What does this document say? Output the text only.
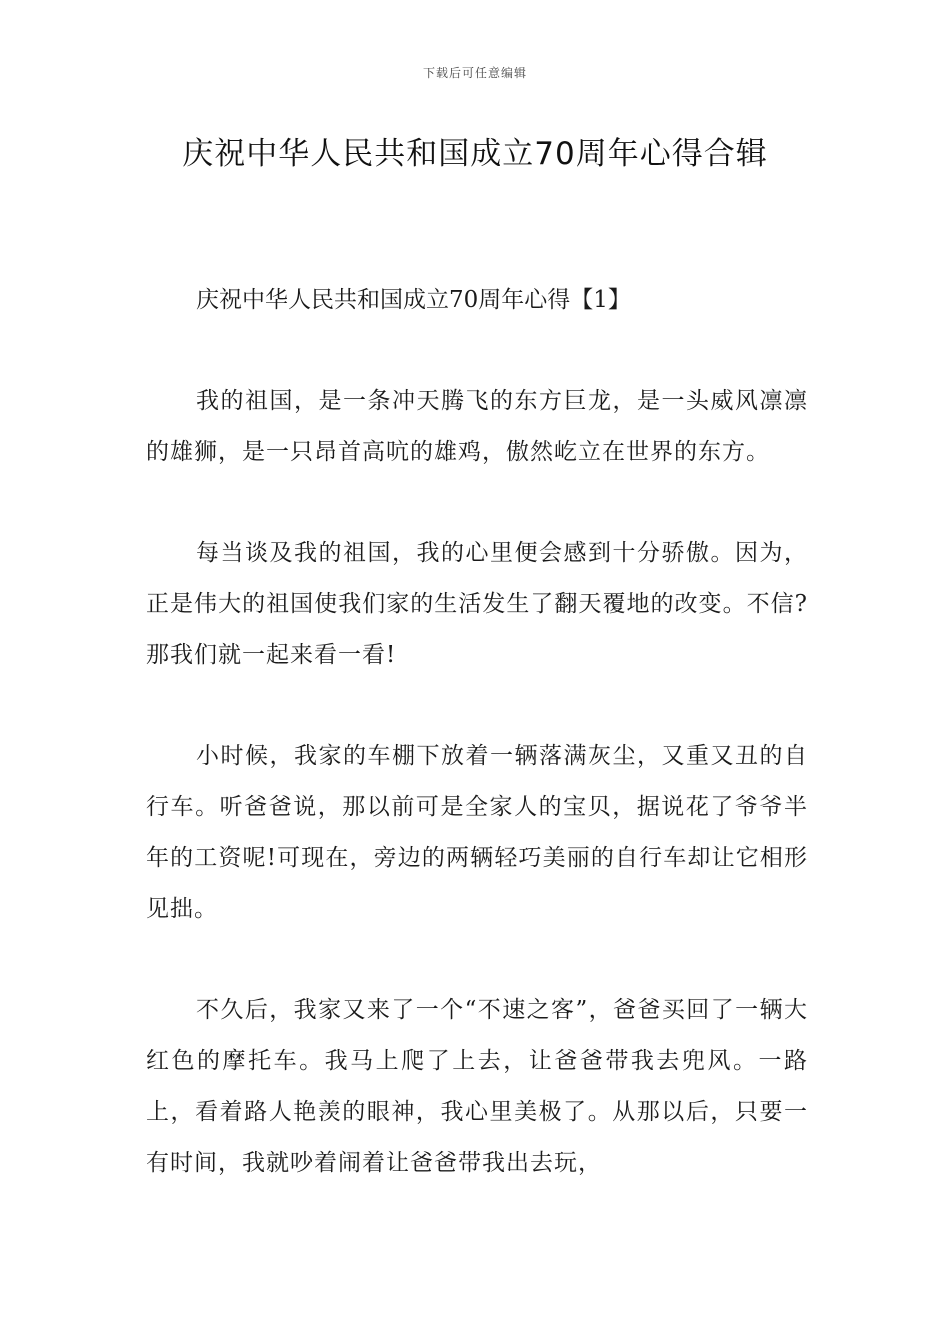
下载后可任意编辑
庆祝中华人民共和国成立70周年心得合辑

庆祝中华人民共和国成立70周年心得【1】

我的祖国，是一条冲天腾飞的东方巨龙，是一头威风凛凛的雄狮，是一只昂首高吭的雄鸡，傲然屹立在世界的东方。

每当谈及我的祖国，我的心里便会感到十分骄傲。因为，正是伟大的祖国使我们家的生活发生了翻天覆地的改变。不信?那我们就一起来看一看!

小时候，我家的车棚下放着一辆落满灰尘，又重又丑的自行车。听爸爸说，那以前可是全家人的宝贝，据说花了爷爷半年的工资呢!可现在，旁边的两辆轻巧美丽的自行车却让它相形见拙。

不久后，我家又来了一个“不速之客”，爸爸买回了一辆大红色的摩托车。我马上爬了上去，让爸爸带我去兜风。一路上，看着路人艳羡的眼神，我心里美极了。从那以后，只要一有时间，我就吵着闹着让爸爸带我出去玩，
